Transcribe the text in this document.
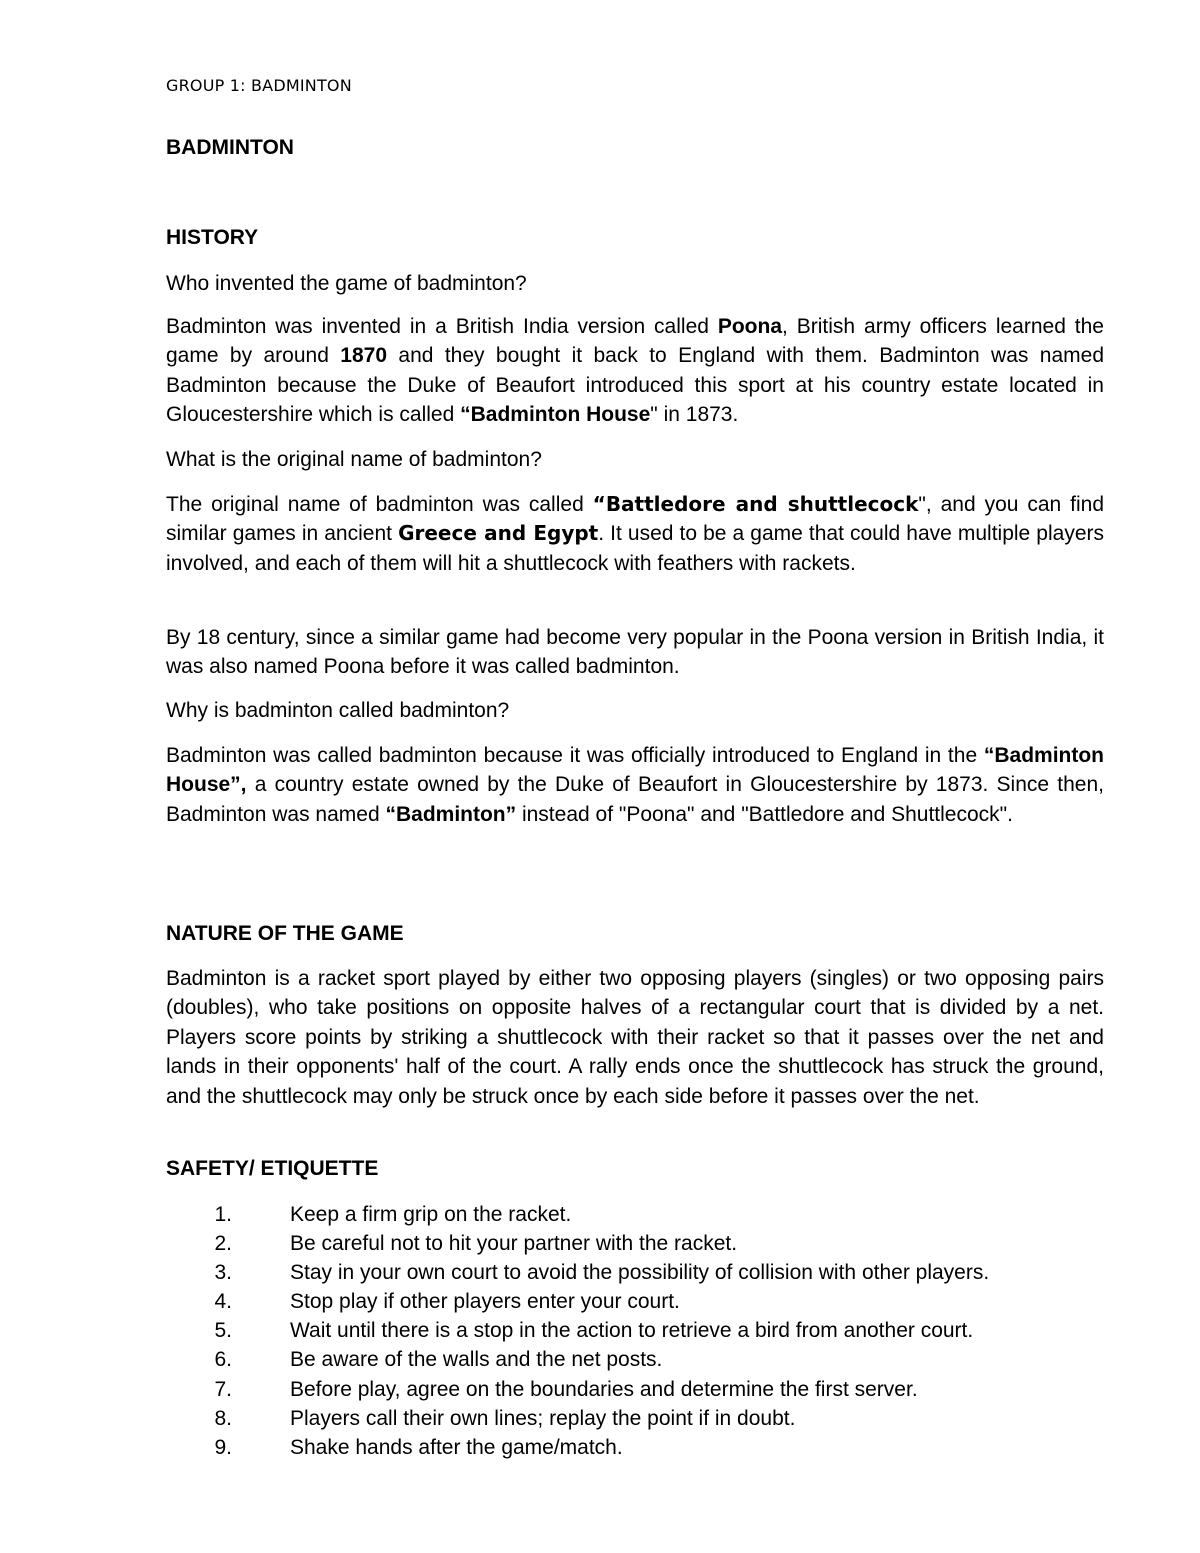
GROUP 1: BADMINTON
BADMINTON
HISTORY
Who invented the game of badminton?

Badminton was invented in a British India version called Poona, British army officers learned the game by around 1870 and they bought it back to England with them. Badminton was named Badminton because the Duke of Beaufort introduced this sport at his country estate located in Gloucestershire which is called “Badminton House" in 1873.

What is the original name of badminton?

The original name of badminton was called “Battledore and shuttlecock", and you can find similar games in ancient Greece and Egypt. It used to be a game that could have multiple players involved, and each of them will hit a shuttlecock with feathers with rackets.

By 18 century, since a similar game had become very popular in the Poona version in British India, it was also named Poona before it was called badminton.

Why is badminton called badminton?

Badminton was called badminton because it was officially introduced to England in the “Badminton House”, a country estate owned by the Duke of Beaufort in Gloucestershire by 1873. Since then, Badminton was named “Badminton” instead of "Poona" and "Battledore and Shuttlecock".

NATURE OF THE GAME

Badminton is a racket sport played by either two opposing players (singles) or two opposing pairs (doubles), who take positions on opposite halves of a rectangular court that is divided by a net. Players score points by striking a shuttlecock with their racket so that it passes over the net and lands in their opponents' half of the court. A rally ends once the shuttlecock has struck the ground, and the shuttlecock may only be struck once by each side before it passes over the net.

SAFETY/ ETIQUETTE
1.	Keep a firm grip on the racket.
2.	Be careful not to hit your partner with the racket.
3.	Stay in your own court to avoid the possibility of collision with other players.
4.	Stop play if other players enter your court.
5.	Wait until there is a stop in the action to retrieve a bird from another court.
6.	Be aware of the walls and the net posts.
7.	Before play, agree on the boundaries and determine the first server.
8.	Players call their own lines; replay the point if in doubt.
9.	Shake hands after the game/match.
